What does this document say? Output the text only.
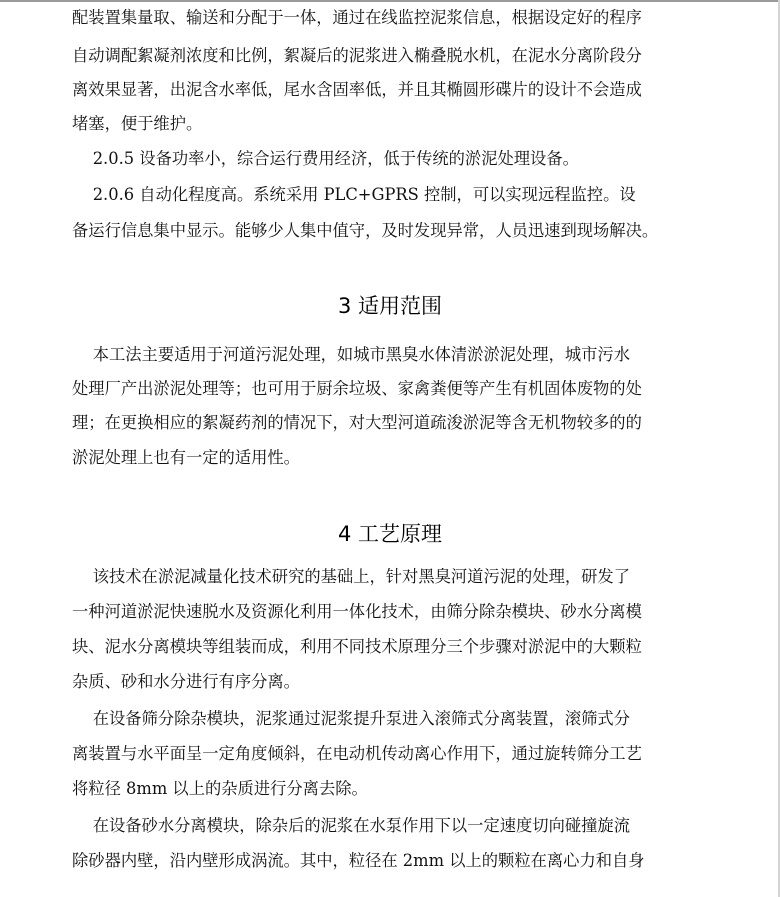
配装置集量取、输送和分配于一体，通过在线监控泥浆信息，根据设定好的程序
自动调配絮凝剂浓度和比例，絮凝后的泥浆进入椭叠脱水机，在泥水分离阶段分
离效果显著，出泥含水率低，尾水含固率低，并且其椭圆形碟片的设计不会造成
堵塞，便于维护。
2.0.5 设备功率小，综合运行费用经济，低于传统的淤泥处理设备。
2.0.6 自动化程度高。系统采用 PLC+GPRS 控制，可以实现远程监控。设
备运行信息集中显示。能够少人集中值守，及时发现异常，人员迅速到现场解决。
3 适用范围
本工法主要适用于河道污泥处理，如城市黑臭水体清淤淤泥处理，城市污水
处理厂产出淤泥处理等；也可用于厨余垃圾、家禽粪便等产生有机固体废物的处
理；在更换相应的絮凝药剂的情况下，对大型河道疏浚淤泥等含无机物较多的的
淤泥处理上也有一定的适用性。
4 工艺原理
该技术在淤泥减量化技术研究的基础上，针对黑臭河道污泥的处理，研发了
一种河道淤泥快速脱水及资源化利用一体化技术，由筛分除杂模块、砂水分离模
块、泥水分离模块等组装而成，利用不同技术原理分三个步骤对淤泥中的大颗粒
杂质、砂和水分进行有序分离。
在设备筛分除杂模块，泥浆通过泥浆提升泵进入滚筛式分离装置，滚筛式分
离装置与水平面呈一定角度倾斜，在电动机传动离心作用下，通过旋转筛分工艺
将粒径 8mm 以上的杂质进行分离去除。
在设备砂水分离模块，除杂后的泥浆在水泵作用下以一定速度切向碰撞旋流
除砂器内壁，沿内壁形成涡流。其中，粒径在 2mm 以上的颗粒在离心力和自身
